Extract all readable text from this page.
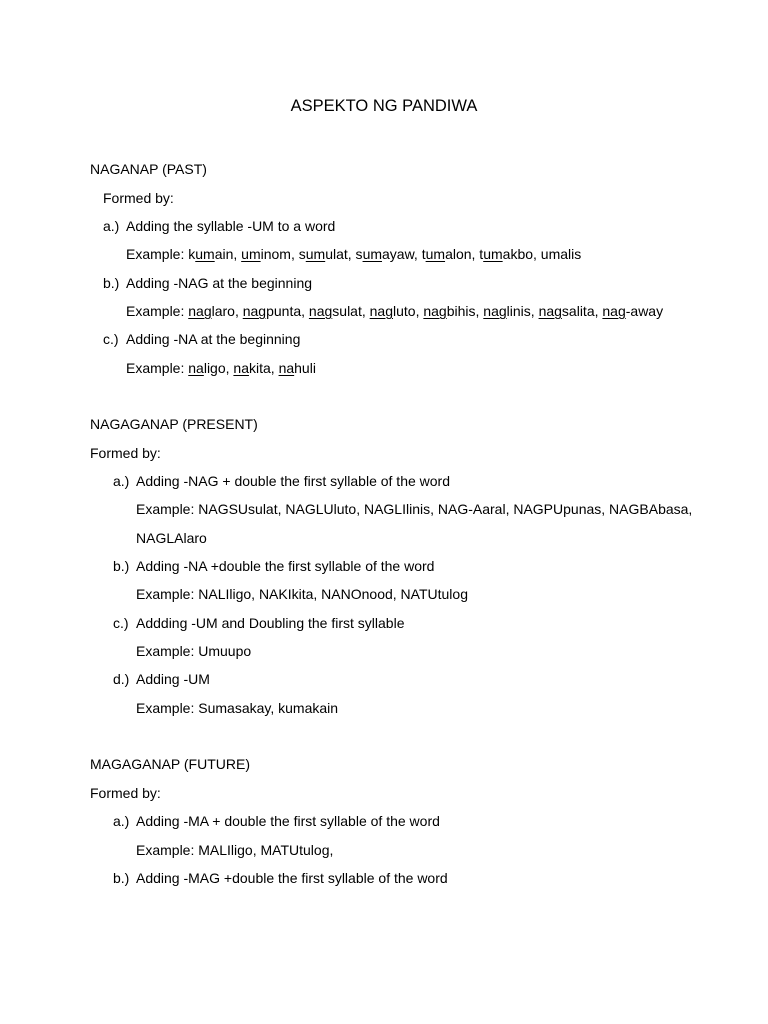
ASPEKTO NG PANDIWA
NAGANAP (PAST)
Formed by:
a.) Adding the syllable -UM to a word
Example: kumain, uminom, sumulat, sumayaw, tumalon, tumakbo, umalis
b.) Adding -NAG at the beginning
Example: naglaro, nagpunta, nagsulat, nagluto, nagbihis, naglinis, nagsalita, nag-away
c.) Adding -NA at the beginning
Example: naligo, nakita, nahuli
NAGAGANAP (PRESENT)
Formed by:
a.) Adding -NAG + double the first syllable of the word
Example: NAGSUsulat, NAGLUluto, NAGLIlinis, NAG-Aaral, NAGPUpunas, NAGBAbasa,
NAGLAlaro
b.) Adding -NA +double the first syllable of the word
Example: NALIligo, NAKIkita, NANOnood, NATUtulog
c.) Addding -UM and Doubling the first syllable
Example: Umuupo
d.) Adding -UM
Example: Sumasakay, kumakain
MAGAGANAP (FUTURE)
Formed by:
a.) Adding -MA + double the first syllable of the word
Example: MALIligo, MATUtulog,
b.) Adding -MAG +double the first syllable of the word
